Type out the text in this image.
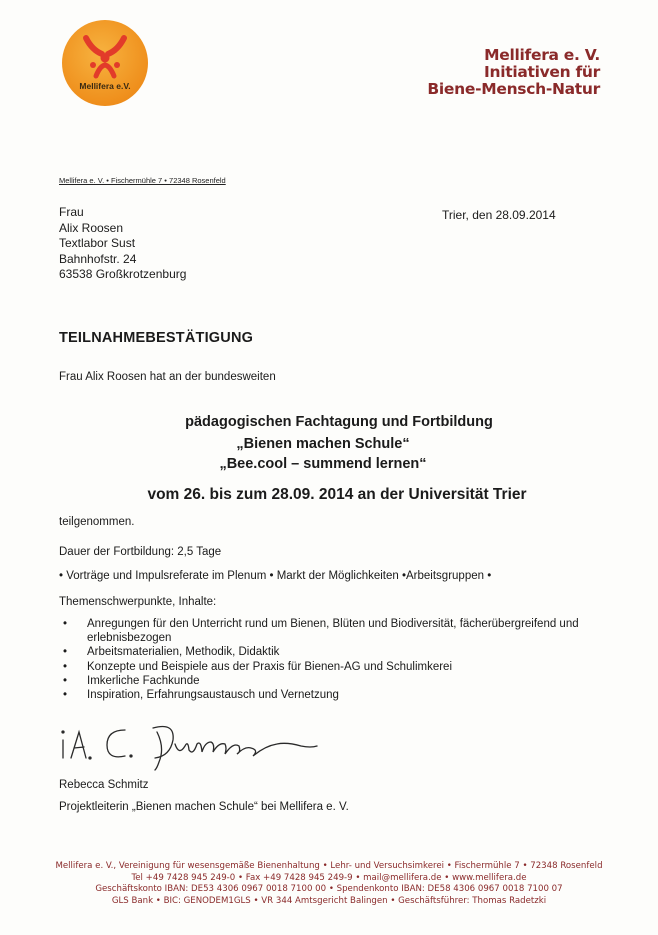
Mellifera e.V.
Mellifera e. V.
Initiativen für
Biene-Mensch-Natur
Mellifera e. V. • Fischermühle 7 • 72348 Rosenfeld
Frau
Alix Roosen
Textlabor Sust
Bahnhofstr. 24
63538 Großkrotzenburg
Trier, den 28.09.2014
TEILNAHMEBESTÄTIGUNG
Frau Alix Roosen hat an der bundesweiten
pädagogischen Fachtagung und Fortbildung
„Bienen machen Schule“
„Bee.cool – summend lernen“
vom 26. bis zum 28.09. 2014 an der Universität Trier
teilgenommen.
Dauer der Fortbildung: 2,5 Tage
• Vorträge und Impulsreferate im Plenum • Markt der Möglichkeiten •Arbeitsgruppen •
Themenschwerpunkte, Inhalte:
• Anregungen für den Unterricht rund um Bienen, Blüten und Biodiversität, fächerübergreifend und erlebnisbezogen
• Arbeitsmaterialien, Methodik, Didaktik
• Konzepte und Beispiele aus der Praxis für Bienen-AG und Schulimkerei
• Imkerliche Fachkunde
• Inspiration, Erfahrungsaustausch und Vernetzung
Rebecca Schmitz
Projektleiterin „Bienen machen Schule“ bei Mellifera e. V.
Mellifera e. V., Vereinigung für wesensgemäße Bienenhaltung • Lehr- und Versuchsimkerei • Fischermühle 7 • 72348 Rosenfeld
Tel +49 7428 945 249-0 • Fax +49 7428 945 249-9 • mail@mellifera.de • www.mellifera.de
Geschäftskonto IBAN: DE53 4306 0967 0018 7100 00 • Spendenkonto IBAN: DE58 4306 0967 0018 7100 07
GLS Bank • BIC: GENODEM1GLS • VR 344 Amtsgericht Balingen • Geschäftsführer: Thomas Radetzki
